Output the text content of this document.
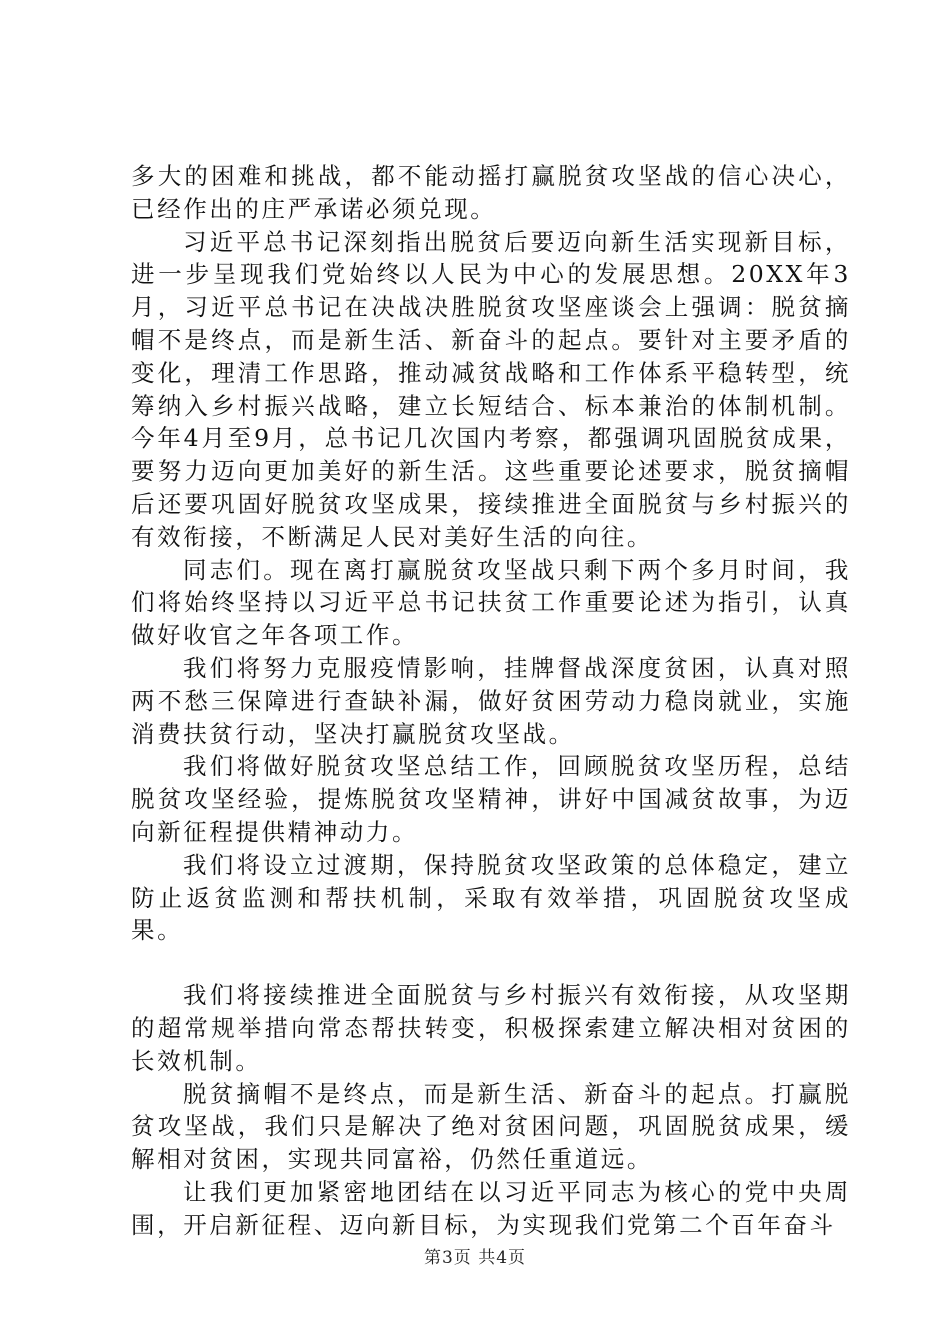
多大的困难和挑战，都不能动摇打赢脱贫攻坚战的信心决心，已经作出的庄严承诺必须兑现。

习近平总书记深刻指出脱贫后要迈向新生活实现新目标，进一步呈现我们党始终以人民为中心的发展思想。20XX年3月，习近平总书记在决战决胜脱贫攻坚座谈会上强调：脱贫摘帽不是终点，而是新生活、新奋斗的起点。要针对主要矛盾的变化，理清工作思路，推动减贫战略和工作体系平稳转型，统筹纳入乡村振兴战略，建立长短结合、标本兼治的体制机制。今年4月至9月，总书记几次国内考察，都强调巩固脱贫成果，要努力迈向更加美好的新生活。这些重要论述要求，脱贫摘帽后还要巩固好脱贫攻坚成果，接续推进全面脱贫与乡村振兴的有效衔接，不断满足人民对美好生活的向往。

同志们。现在离打赢脱贫攻坚战只剩下两个多月时间，我们将始终坚持以习近平总书记扶贫工作重要论述为指引，认真做好收官之年各项工作。

我们将努力克服疫情影响，挂牌督战深度贫困，认真对照两不愁三保障进行查缺补漏，做好贫困劳动力稳岗就业，实施消费扶贫行动，坚决打赢脱贫攻坚战。

我们将做好脱贫攻坚总结工作，回顾脱贫攻坚历程，总结脱贫攻坚经验，提炼脱贫攻坚精神，讲好中国减贫故事，为迈向新征程提供精神动力。

我们将设立过渡期，保持脱贫攻坚政策的总体稳定，建立防止返贫监测和帮扶机制，采取有效举措，巩固脱贫攻坚成果。

我们将接续推进全面脱贫与乡村振兴有效衔接，从攻坚期的超常规举措向常态帮扶转变，积极探索建立解决相对贫困的长效机制。

脱贫摘帽不是终点，而是新生活、新奋斗的起点。打赢脱贫攻坚战，我们只是解决了绝对贫困问题，巩固脱贫成果，缓解相对贫困，实现共同富裕，仍然任重道远。

让我们更加紧密地团结在以习近平同志为核心的党中央周围，开启新征程、迈向新目标，为实现我们党第二个百年奋斗

第3页 共4页
